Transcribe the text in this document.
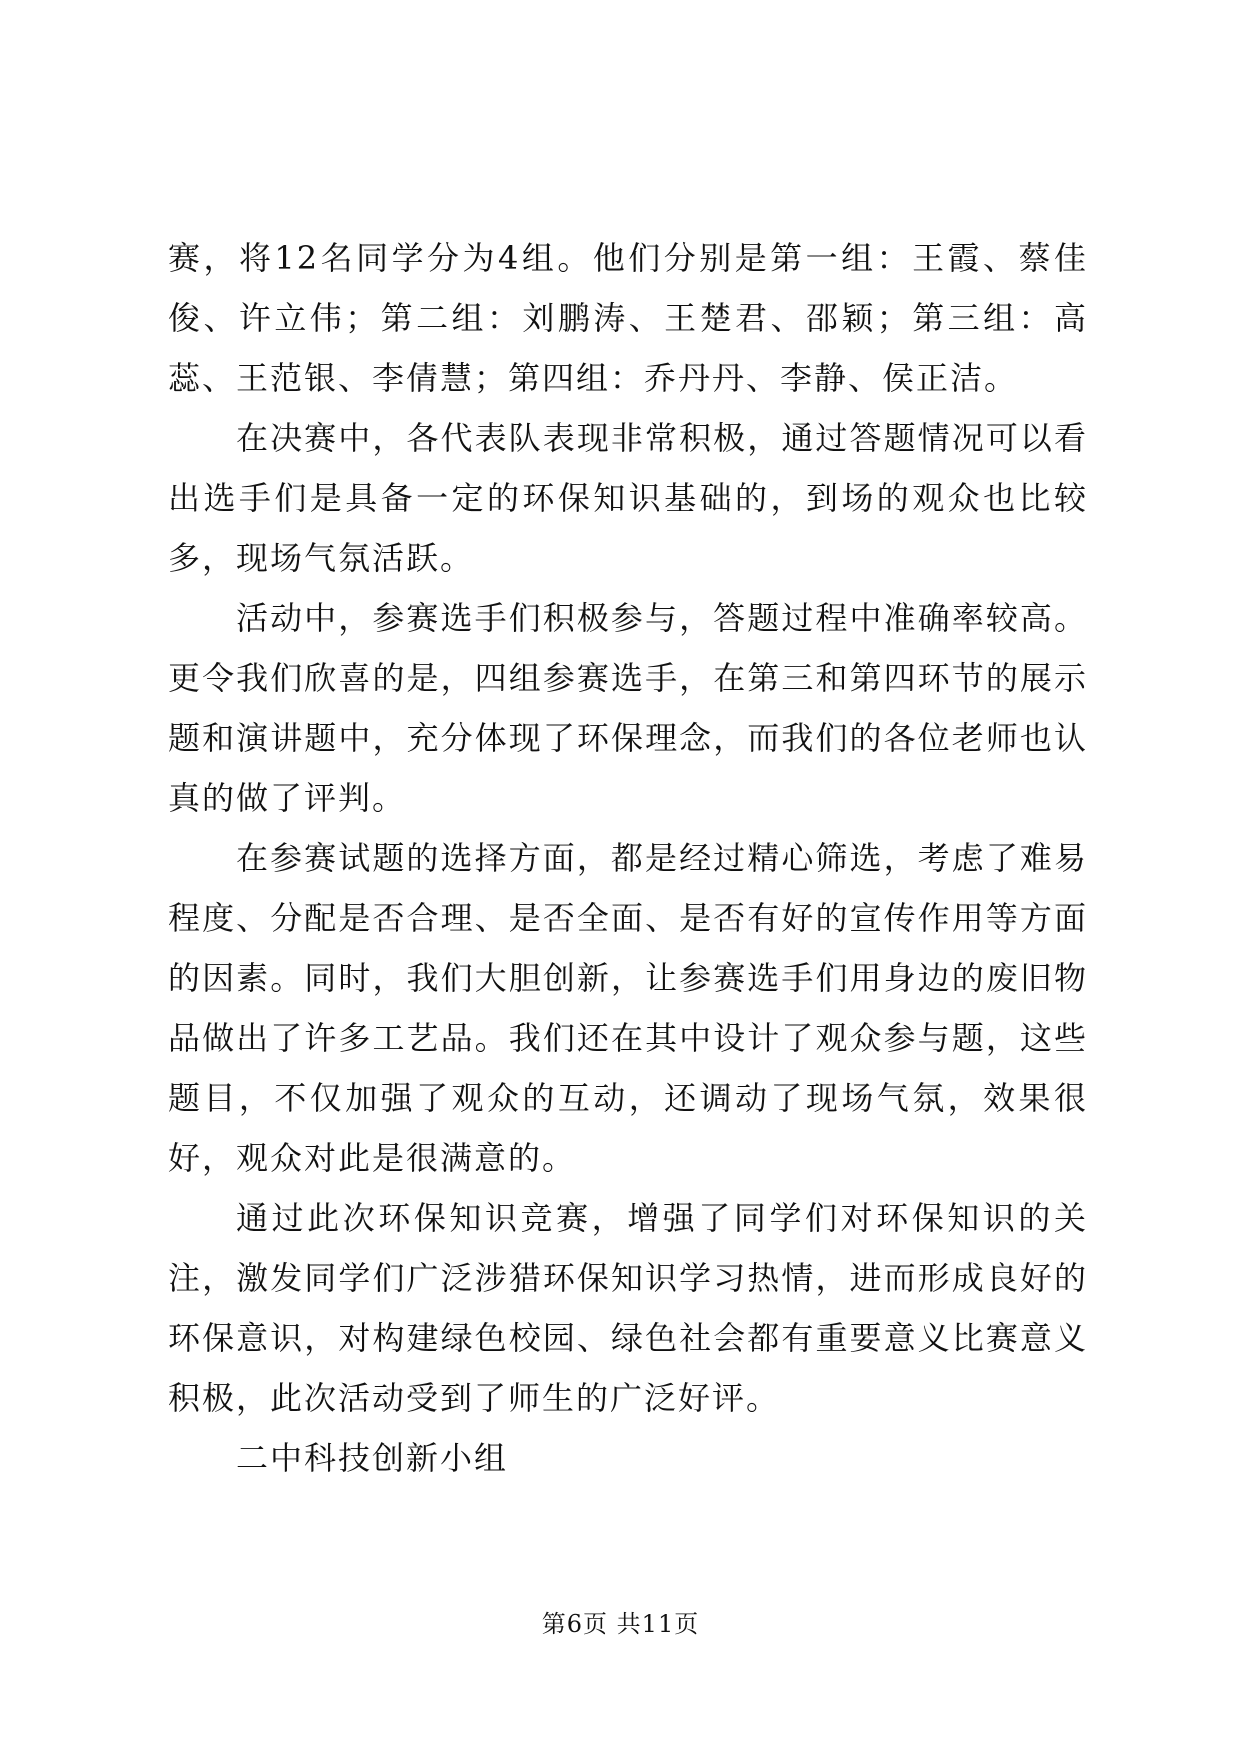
赛，将12名同学分为4组。他们分别是第一组：王霞、蔡佳俊、许立伟；第二组：刘鹏涛、王楚君、邵颖；第三组：高蕊、王范银、李倩慧；第四组：乔丹丹、李静、侯正洁。

在决赛中，各代表队表现非常积极，通过答题情况可以看出选手们是具备一定的环保知识基础的，到场的观众也比较多，现场气氛活跃。

活动中，参赛选手们积极参与，答题过程中准确率较高。更令我们欣喜的是，四组参赛选手，在第三和第四环节的展示题和演讲题中，充分体现了环保理念，而我们的各位老师也认真的做了评判。

在参赛试题的选择方面，都是经过精心筛选，考虑了难易程度、分配是否合理、是否全面、是否有好的宣传作用等方面的因素。同时，我们大胆创新，让参赛选手们用身边的废旧物品做出了许多工艺品。我们还在其中设计了观众参与题，这些题目，不仅加强了观众的互动，还调动了现场气氛，效果很好，观众对此是很满意的。

通过此次环保知识竞赛，增强了同学们对环保知识的关注，激发同学们广泛涉猎环保知识学习热情，进而形成良好的环保意识，对构建绿色校园、绿色社会都有重要意义比赛意义积极，此次活动受到了师生的广泛好评。

二中科技创新小组

第6页 共11页
